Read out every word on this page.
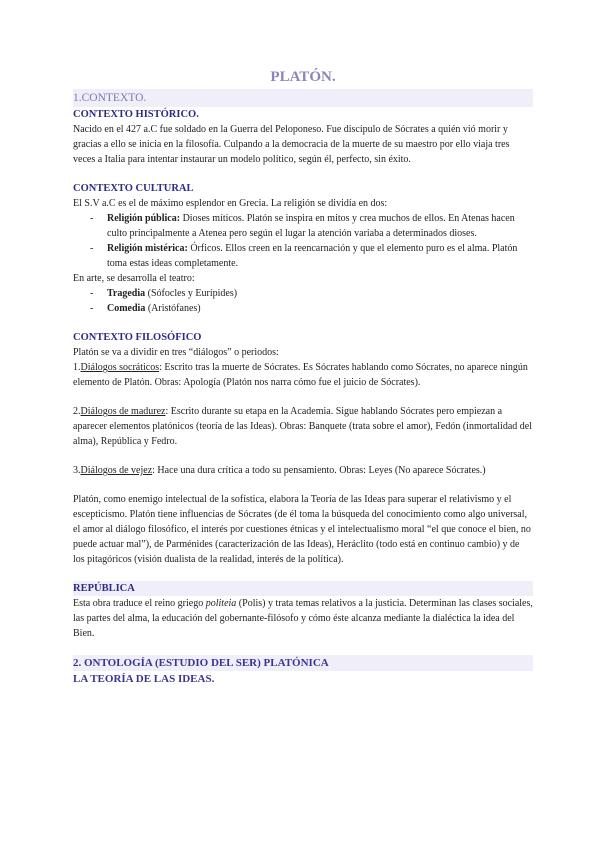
PLATÓN.
1.CONTEXTO.
CONTEXTO HISTÓRICO.

Nacido en el 427 a.C fue soldado en la Guerra del Peloponeso. Fue discípulo de Sócrates a quién vió morir y gracias a ello se inicia en la filosofía. Culpando a la democracia de la muerte de su maestro por ello viaja tres veces a Italia para intentar instaurar un modelo político, según él, perfecto, sin éxito.

CONTEXTO CULTURAL

El S.V a.C es el de máximo esplendor en Grecia. La religión se dividía en dos:

- Religión pública: Dioses míticos. Platón se inspira en mitos y crea muchos de ellos. En Atenas hacen culto principalmente a Atenea pero según el lugar la atención variaba a determinados dioses.
- Religión mistérica: Órficos. Ellos creen en la reencarnación y que el elemento puro es el alma. Platón toma estas ideas completamente.

En arte, se desarrolla el teatro:

- Tragedia (Sófocles y Eurípides)
- Comedia (Aristófanes)
CONTEXTO FILOSÓFICO

Platón se va a dividir en tres “diálogos” o periodos:

1.Diálogos socráticos: Escrito tras la muerte de Sócrates. Es Sócrates hablando como Sócrates, no aparece ningún elemento de Platón. Obras: Apología (Platón nos narra cómo fue el juicio de Sócrates).

2.Diálogos de madurez: Escrito durante su etapa en la Academia. Sigue hablando Sócrates pero empiezan a aparecer elementos platónicos (teoría de las Ideas). Obras: Banquete (trata sobre el amor), Fedón (inmortalidad del alma), República y Fedro.

3.Diálogos de vejez: Hace una dura crítica a todo su pensamiento. Obras: Leyes (No aparece Sócrates.)

Platón, como enemigo intelectual de la sofística, elabora la Teoría de las Ideas para superar el relativismo y el escepticismo. Platón tiene influencias de Sócrates (de él toma la búsqueda del conocimiento como algo universal, el amor al diálogo filosófico, el interés por cuestiones étnicas y el intelectualismo moral “el que conoce el bien, no puede actuar mal”), de Parménides (caracterización de las Ideas), Heráclito (todo está en continuo cambio) y de los pitagóricos (visión dualista de la realidad, interés de la política).

REPÚBLICA

Esta obra traduce el reino griego politeia (Polis) y trata temas relativos a la justicia. Determinan las clases sociales, las partes del alma, la educación del gobernante-filósofo y cómo éste alcanza mediante la dialéctica la idea del Bien.

2. ONTOLOGÍA (ESTUDIO DEL SER) PLATÓNICA
LA TEORÍA DE LAS IDEAS.
